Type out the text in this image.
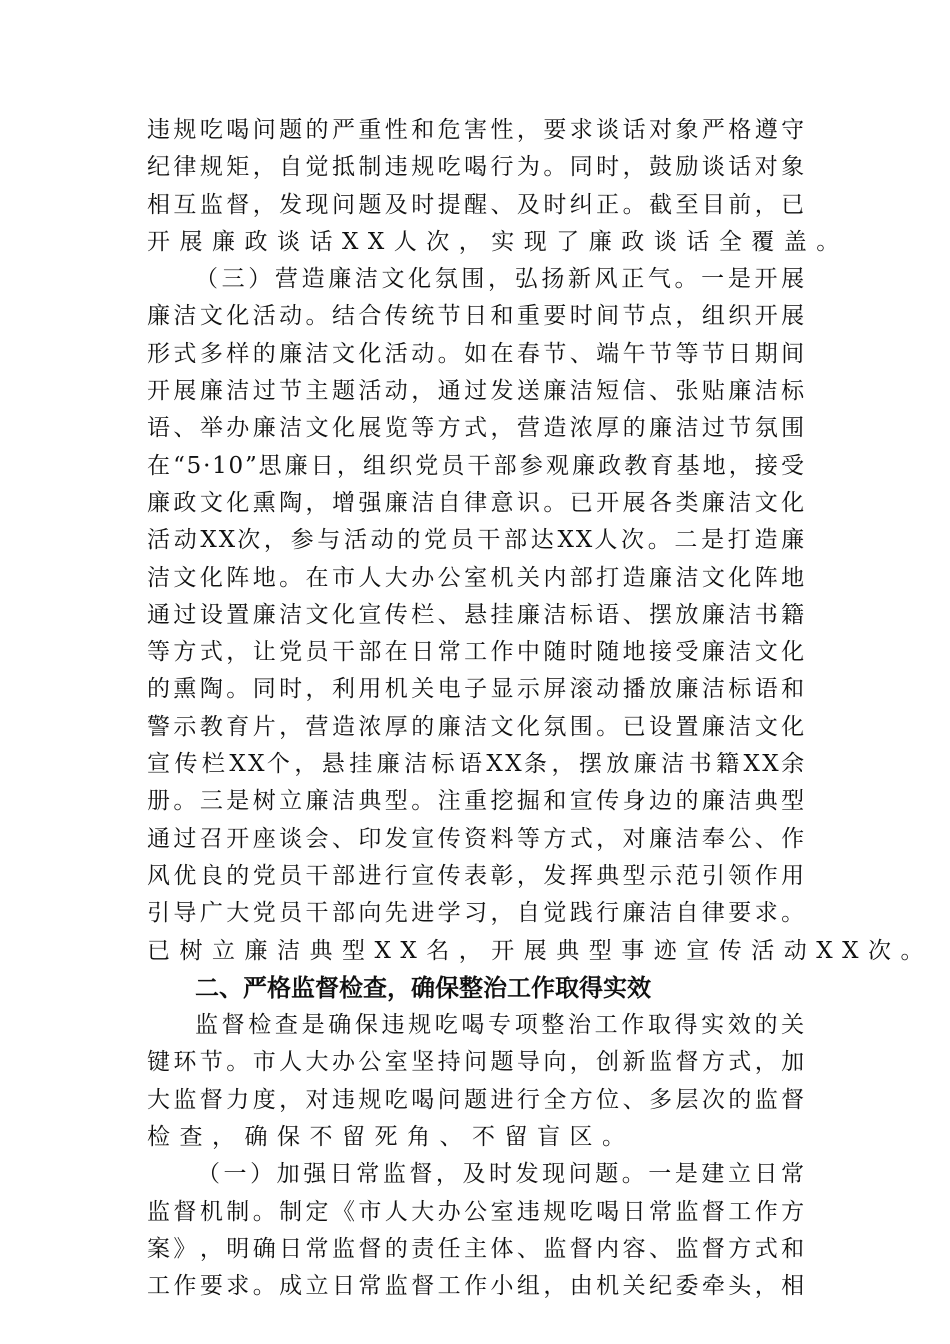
违 规 吃 喝 问 题 的 严 重 性 和 危 害 性 ， 要 求 谈 话 对 象 严 格 遵 守
纪 律 规 矩 ， 自 觉 抵 制 违 规 吃 喝 行 为 。 同 时 ， 鼓 励 谈 话 对 象
相 互 监 督 ， 发 现 问 题 及 时 提 醒 、 及 时 纠 正 。 截 至 目 前 ， 已
开展廉政谈话XX人次，实现了廉政谈话全覆盖。
（ 三 ） 营 造 廉 洁 文 化 氛 围 ， 弘 扬 新 风 正 气 。 一 是 开 展
廉 洁 文 化 活 动 。 结 合 传 统 节 日 和 重 要 时 间 节 点 ， 组 织 开 展
形 式 多 样 的 廉 洁 文 化 活 动 。 如 在 春 节 、 端 午 节 等 节 日 期 间
开 展 廉 洁 过 节 主 题 活 动 ， 通 过 发 送 廉 洁 短 信 、 张 贴 廉 洁 标
语 、 举 办 廉 洁 文 化 展 览 等 方 式 ， 营 造 浓 厚 的 廉 洁 过 节 氛 围
在 “ 5 · 1 0 ” 思 廉 日 ， 组 织 党 员 干 部 参 观 廉 政 教 育 基 地 ， 接 受
廉 政 文 化 熏 陶 ， 增 强 廉 洁 自 律 意 识 。 已 开 展 各 类 廉 洁 文 化
活 动 X X 次 ， 参 与 活 动 的 党 员 干 部 达 X X 人 次 。 二 是 打 造 廉
洁 文 化 阵 地 。 在 市 人 大 办 公 室 机 关 内 部 打 造 廉 洁 文 化 阵 地
通 过 设 置 廉 洁 文 化 宣 传 栏 、 悬 挂 廉 洁 标 语 、 摆 放 廉 洁 书 籍
等 方 式 ， 让 党 员 干 部 在 日 常 工 作 中 随 时 随 地 接 受 廉 洁 文 化
的 熏 陶 。 同 时 ， 利 用 机 关 电 子 显 示 屏 滚 动 播 放 廉 洁 标 语 和
警 示 教 育 片 ， 营 造 浓 厚 的 廉 洁 文 化 氛 围 。 已 设 置 廉 洁 文 化
宣 传 栏 X X 个 ， 悬 挂 廉 洁 标 语 X X 条 ， 摆 放 廉 洁 书 籍 X X 余
册 。 三 是 树 立 廉 洁 典 型 。 注 重 挖 掘 和 宣 传 身 边 的 廉 洁 典 型
通 过 召 开 座 谈 会 、 印 发 宣 传 资 料 等 方 式 ， 对 廉 洁 奉 公 、 作
风 优 良 的 党 员 干 部 进 行 宣 传 表 彰 ， 发 挥 典 型 示 范 引 领 作 用
引 导 广 大 党 员 干 部 向 先 进 学 习 ， 自 觉 践 行 廉 洁 自 律 要 求 。
已树立廉洁典型XX名，开展典型事迹宣传活动XX次。
二、严格监督检查，确保整治工作取得实效
监 督 检 查 是 确 保 违 规 吃 喝 专 项 整 治 工 作 取 得 实 效 的 关
键 环 节 。 市 人 大 办 公 室 坚 持 问 题 导 向 ， 创 新 监 督 方 式 ， 加
大 监 督 力 度 ， 对 违 规 吃 喝 问 题 进 行 全 方 位 、 多 层 次 的 监 督
检查，确保不留死角、不留盲区。
（ 一 ） 加 强 日 常 监 督 ， 及 时 发 现 问 题 。 一 是 建 立 日 常
监 督 机 制 。 制 定 《 市 人 大 办 公 室 违 规 吃 喝 日 常 监 督 工 作 方
案 》 ， 明 确 日 常 监 督 的 责 任 主 体 、 监 督 内 容 、 监 督 方 式 和
工 作 要 求 。 成 立 日 常 监 督 工 作 小 组 ， 由 机 关 纪 委 牵 头 ， 相
